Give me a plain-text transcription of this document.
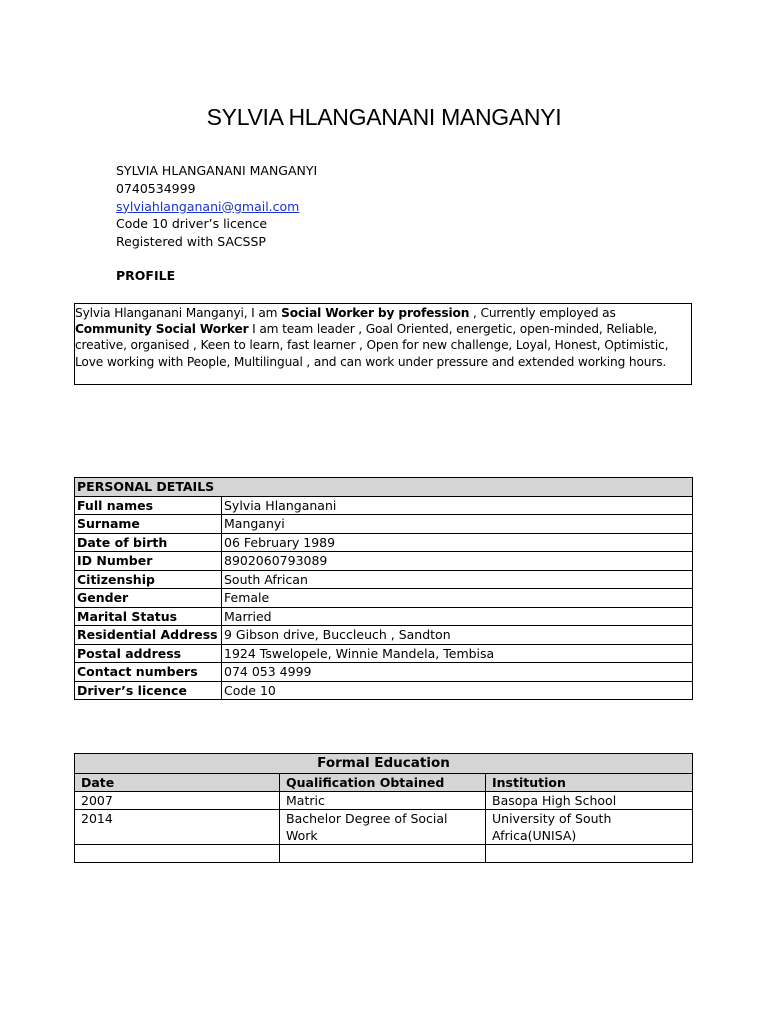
SYLVIA HLANGANANI MANGANYI
SYLVIA HLANGANANI MANGANYI
0740534999
sylviahlanganani@gmail.com
Code 10 driver’s licence
Registered with SACSSP
PROFILE
Sylvia Hlanganani Manganyi, I am Social Worker by profession , Currently employed as Community Social Worker I am team leader , Goal Oriented, energetic, open-minded, Reliable, creative, organised , Keen to learn, fast learner , Open for new challenge, Loyal, Honest, Optimistic, Love working with People, Multilingual , and can work under pressure and extended working hours.
PERSONAL DETAILS	
Full names	Sylvia Hlanganani
Surname	Manganyi
Date of birth	06 February 1989
ID Number	8902060793089
Citizenship	South African
Gender	Female
Marital Status	Married
Residential Address	9 Gibson drive, Buccleuch , Sandton
Postal address	1924 Tswelopele, Winnie Mandela, Tembisa
Contact numbers	074 053 4999
Driver’s licence	Code 10
Formal Education		
Date	Qualification Obtained	Institution
2007	Matric	Basopa High School
2014	Bachelor Degree of Social Work	University of South Africa(UNISA)
